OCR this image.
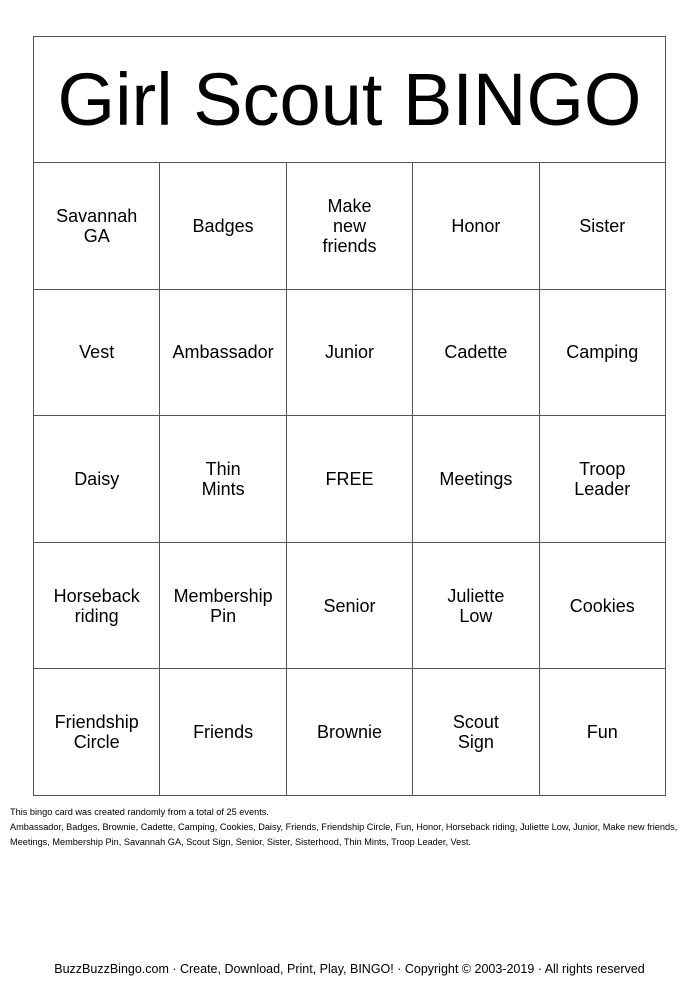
Girl Scout BINGO				

Savannah
GA	Badges	Make
new
friends	Honor	Sister

Vest	Ambassador	Junior	Cadette	Camping

Daisy	Thin
Mints	FREE	Meetings	Troop
Leader

Horseback
riding	Membership
Pin	Senior	Juliette
Low	Cookies

Friendship
Circle	Friends	Brownie	Scout
Sign	Fun
This bingo card was created randomly from a total of 25 events.
Ambassador, Badges, Brownie, Cadette, Camping, Cookies, Daisy, Friends, Friendship Circle, Fun, Honor, Horseback riding, Juliette Low, Junior, Make new friends, Meetings, Membership Pin, Savannah GA, Scout Sign, Senior, Sister, Sisterhood, Thin Mints, Troop Leader, Vest.
BuzzBuzzBingo.com · Create, Download, Print, Play, BINGO! · Copyright © 2003-2019 · All rights reserved
